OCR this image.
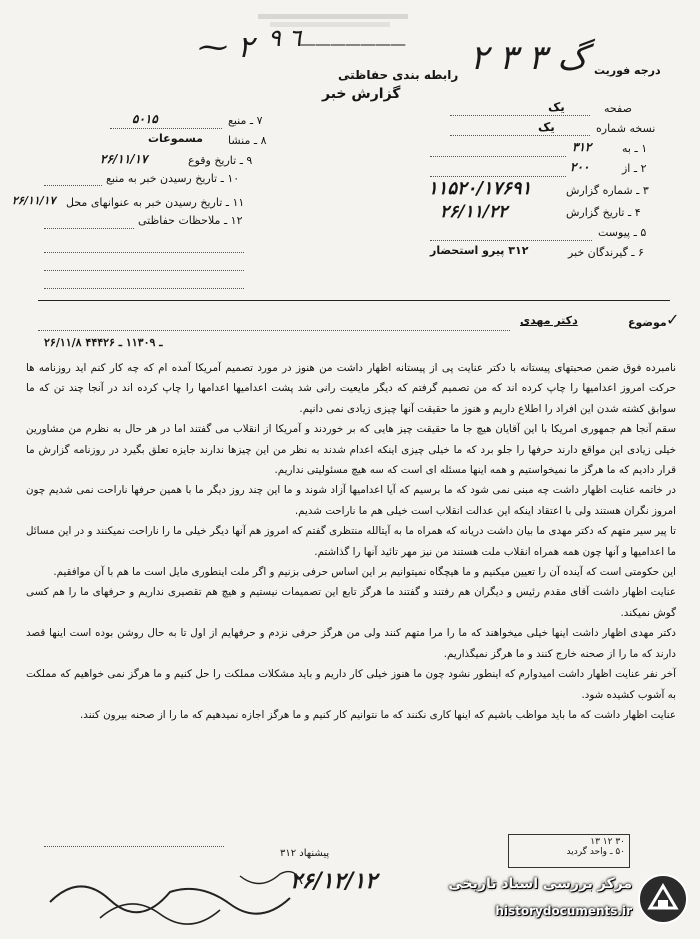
⁓ ٢ ٦ ٩
——————— ۲ ۳ گ ۳ درجه فوریت
رابطه بندی حفاظتی
گزارش خبر
۷ ـ منبع
۵۰۱۵
۸ ـ منشا
مسموعات
۹ ـ تاریخ وقوع
۲۶/۱۱/۱۷
۱۰ ـ تاریخ رسیدن خبر به منبع
۱۱ ـ تاریخ رسیدن خبر به عنوانهای محل
۲۶/۱۱/۱۷
۱۲ ـ ملاحظات حفاظتی
صفحه
یک
نسخه شماره
یک
۱ ـ به
۳۱۲
۲ ـ از
۲۰۰
۳ ـ شماره گزارش
۱۱۵۲۰/۱۷۶۹۱
۴ ـ تاریخ گزارش
۲۶/۱۱/۲۲
۵ ـ پیوست
۶ ـ گیرندگان خبر
۳۱۲ پیرو استحضار
موضوع
دکتر مهدی	✓
۲۶/۱۱/۸ ـ ۱۱۳۰۹ ـ ۴۴۴۲۶

نامبرده فوق ضمن صحبتهای پیستانه با دکتر عنایت پی از پیستانه اظهار داشت من هنوز در مورد تصمیم آمریکا آمده ام که چه کار کنم اید روزنامه ها حرکت امروز اعدامیها را چاپ کرده اند که من تصمیم گرفتم که دیگر مایعیت رانی شد پشت اعدامیها اعدامها را چاپ کرده اند در آنجا چند تن که ما سوابق کشته شدن این افراد را اطلاع داریم و هنوز ما حقیقت آنها چیزی زیادی نمی دانیم.

سقم آنجا هم جمهوری امریکا با این آقایان هیچ جا ما حقیقت چیز هایی که بر خوردند و آمریکا از انقلاب می گفتند اما در هر حال به نظرم من مشاورین خیلی زیادی این مواقع دارند حرفها را جلو برد که ما خیلی چیزی اینکه اعدام شدند به نظر من این چیزها ندارند جایزه تعلق بگیرد در روزنامه گزارش ما قرار دادیم که ما هرگز ما نمیخواستیم و همه اینها مسئله ای است که سه هیچ مسئولیتی نداریم.

در خاتمه عنایت اظهار داشت چه مبنی نمی شود که ما برسیم که آیا اعدامیها آزاد شوند و ما این چند روز دیگر ما با همین حرفها ناراحت نمی شدیم چون امروز نگران هستند ولی با اعتقاد اینکه این عدالت انقلاب است خیلی هم ما ناراحت شدیم.

تا پیر سیر متهم که دکتر مهدی ما بیان داشت دریانه که همراه ما به آیتالله منتظری گفتم که امروز هم آنها دیگر خیلی ما را ناراحت نمیکنند و در این مسائل ما اعدامیها و آنها چون همه همراه انقلاب ملت هستند من نیز مهر تائید آنها را گذاشتم.

این حکومتی است که آینده آن را تعیین میکنیم و ما هیچگاه نمیتوانیم بر این اساس حرفی بزنیم و اگر ملت اینطوری مایل است ما هم با آن موافقیم.

عنایت اظهار داشت آقای مقدم رئیس و دیگران هم رفتند و گفتند ما هرگز تابع این تصمیمات نیستیم و هیچ هم تقصیری نداریم و حرفهای ما را هم کسی گوش نمیکند.

دکتر مهدی اظهار داشت اینها خیلی میخواهند که ما را مرا متهم کنند ولی من هرگز حرفی نزدم و حرفهایم از اول تا به حال روشن بوده است اینها قصد دارند که ما را از صحنه خارج کنند و ما هرگز نمیگذاریم.

آخر نفر عنایت اظهار داشت امیدوارم که اینطور نشود چون ما هنوز خیلی کار داریم و باید مشکلات مملکت را حل کنیم و ما هرگز نمی خواهیم که مملکت به آشوب کشیده شود.

عنایت اظهار داشت که ما باید مواظب باشیم که اینها کاری نکنند که ما نتوانیم کار کنیم و ما هرگز اجازه نمیدهیم که ما را از صحنه بیرون کنند.

پیشنهاد ۳۱۲
۳۰ ۱۲ ۱۳
۵۰ ـ واحد گردید
۲۶/۱۲/۱۲	مرکز بررسی اسناد تاریخی
historydocuments.ir
